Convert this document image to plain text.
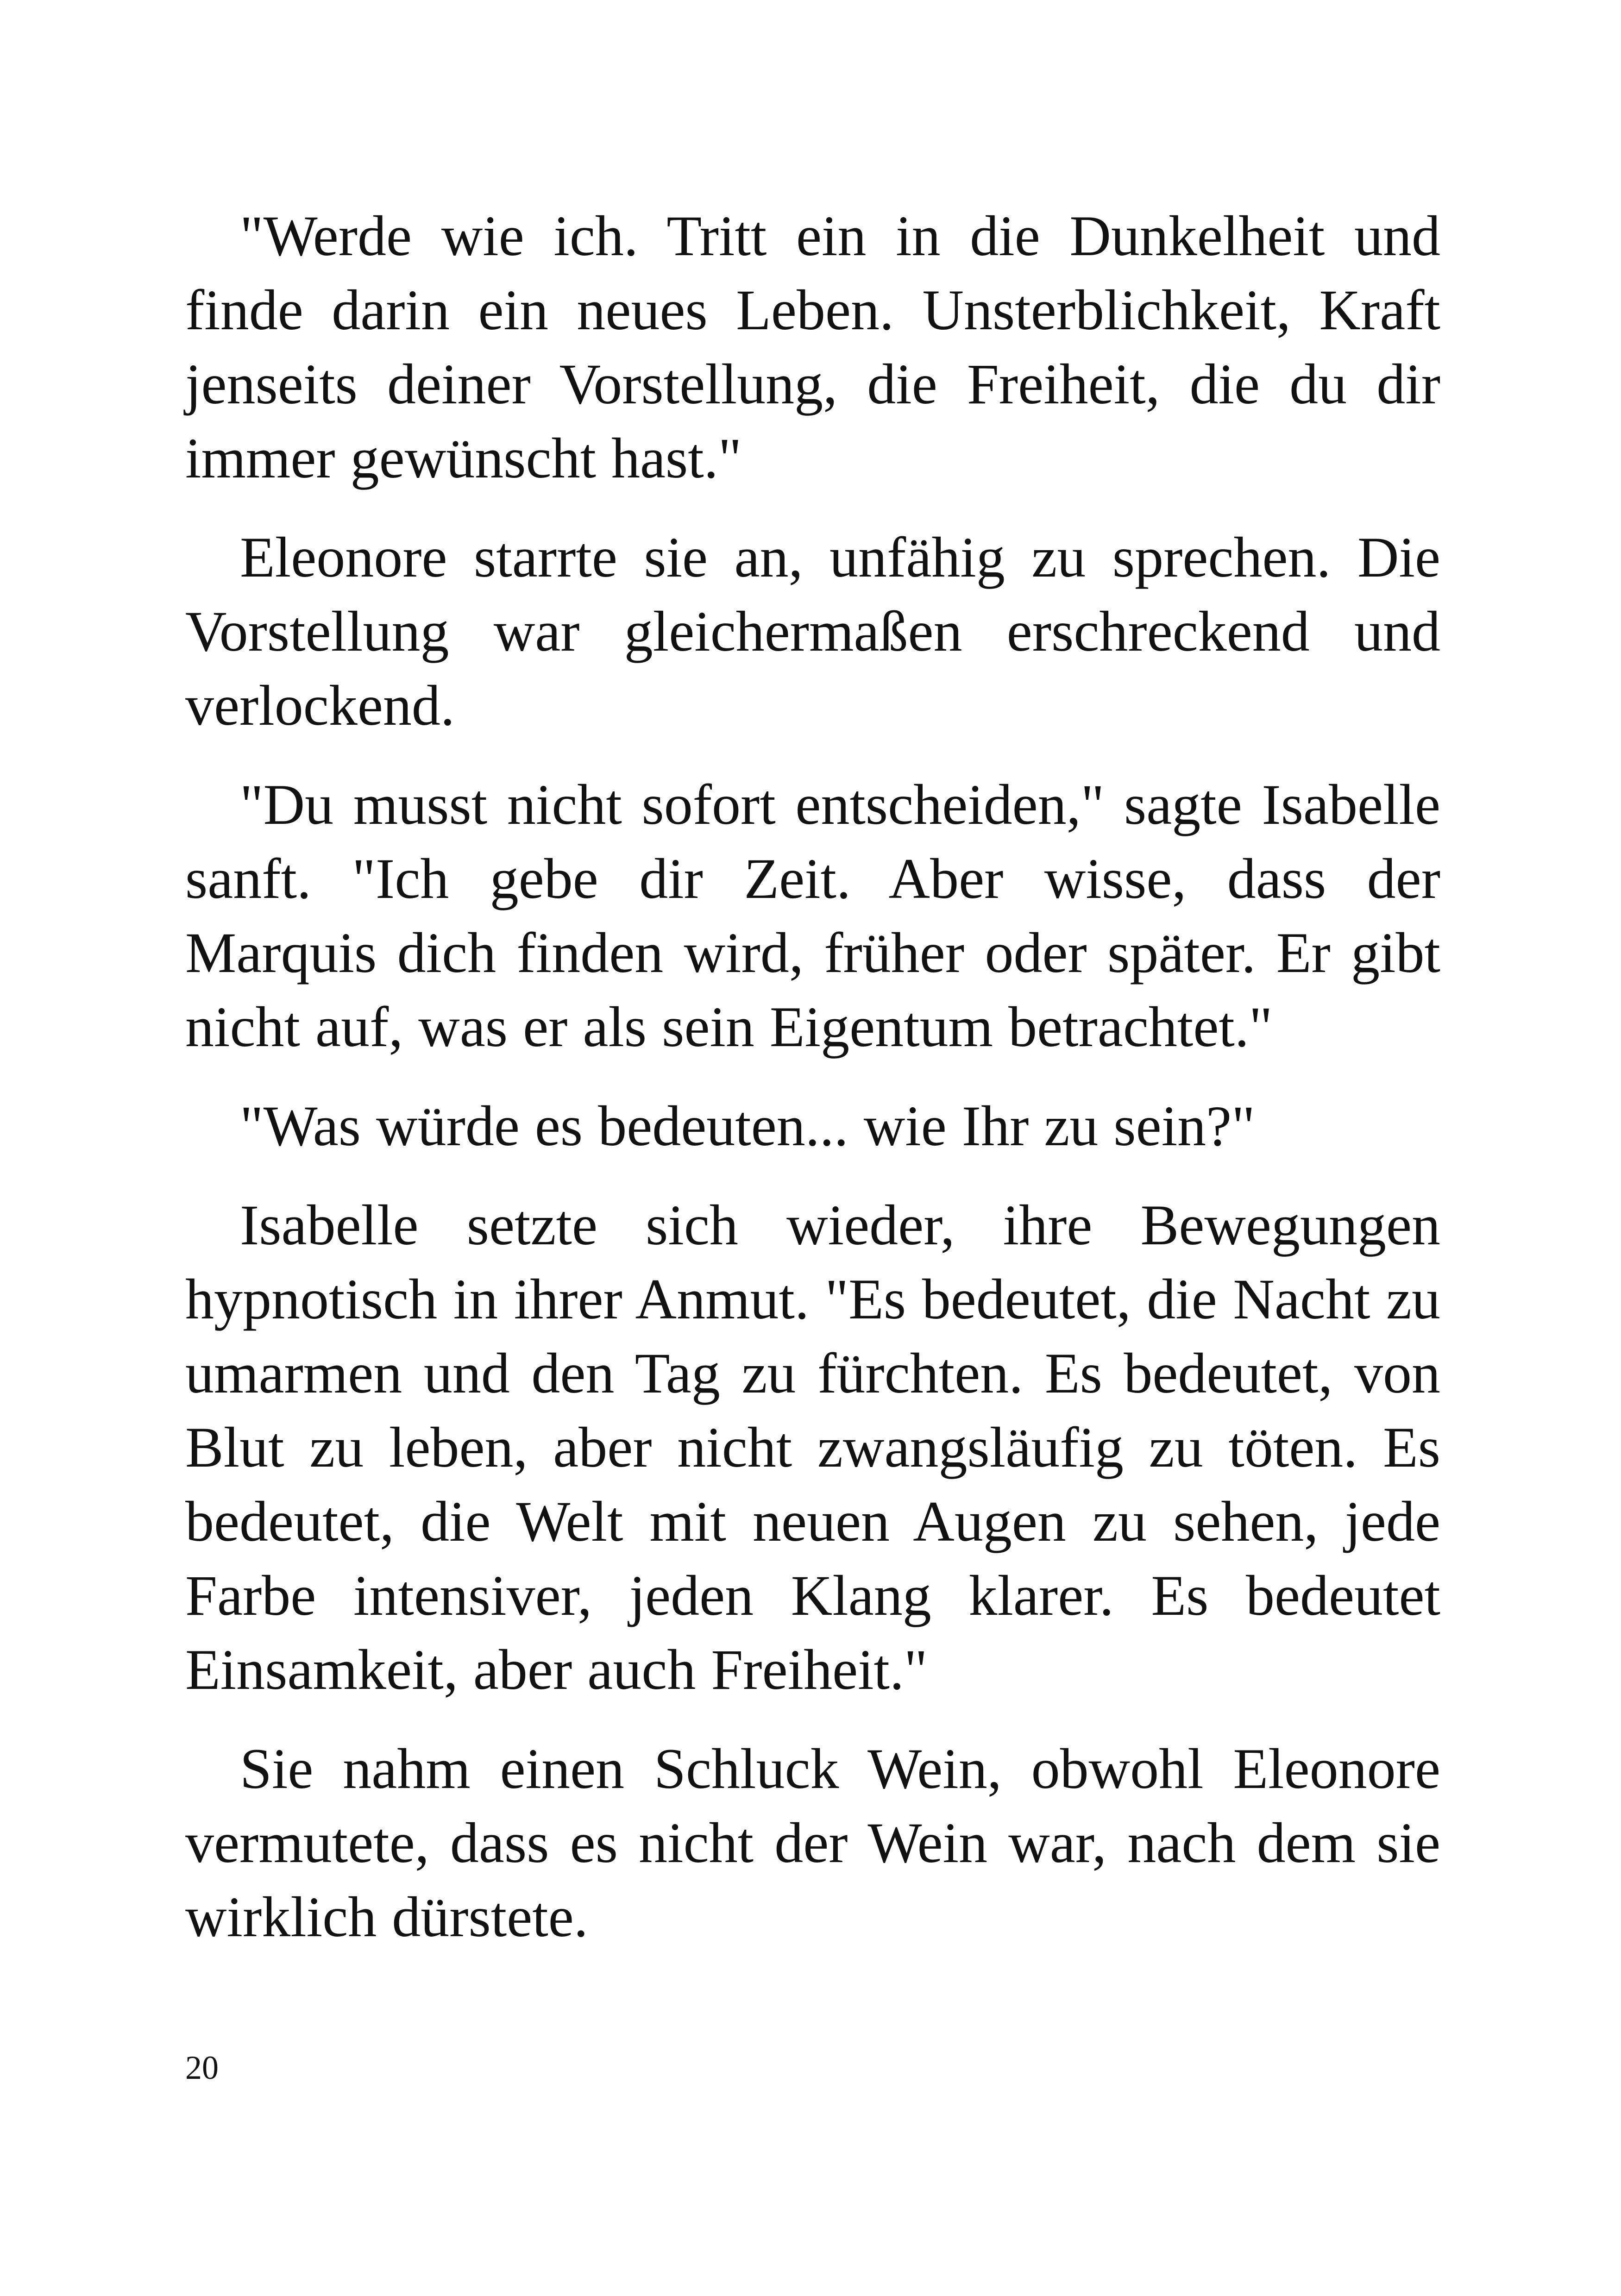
"Werde wie ich. Tritt ein in die Dunkelheit und finde darin ein neues Leben. Unsterblichkeit, Kraft jenseits deiner Vorstellung, die Freiheit, die du dir immer gewünscht hast."

Eleonore starrte sie an, unfähig zu sprechen. Die Vorstellung war gleichermaßen erschreckend und verlockend.

"Du musst nicht sofort entscheiden," sagte Isabelle sanft. "Ich gebe dir Zeit. Aber wisse, dass der Marquis dich finden wird, früher oder später. Er gibt nicht auf, was er als sein Eigentum betrachtet."

"Was würde es bedeuten... wie Ihr zu sein?"

Isabelle setzte sich wieder, ihre Bewegungen hypnotisch in ihrer Anmut. "Es bedeutet, die Nacht zu umarmen und den Tag zu fürchten. Es bedeutet, von Blut zu leben, aber nicht zwangsläufig zu töten. Es bedeutet, die Welt mit neuen Augen zu sehen, jede Farbe intensiver, jeden Klang klarer. Es bedeutet Einsamkeit, aber auch Freiheit."

Sie nahm einen Schluck Wein, obwohl Eleonore vermutete, dass es nicht der Wein war, nach dem sie wirklich dürstete.

20
